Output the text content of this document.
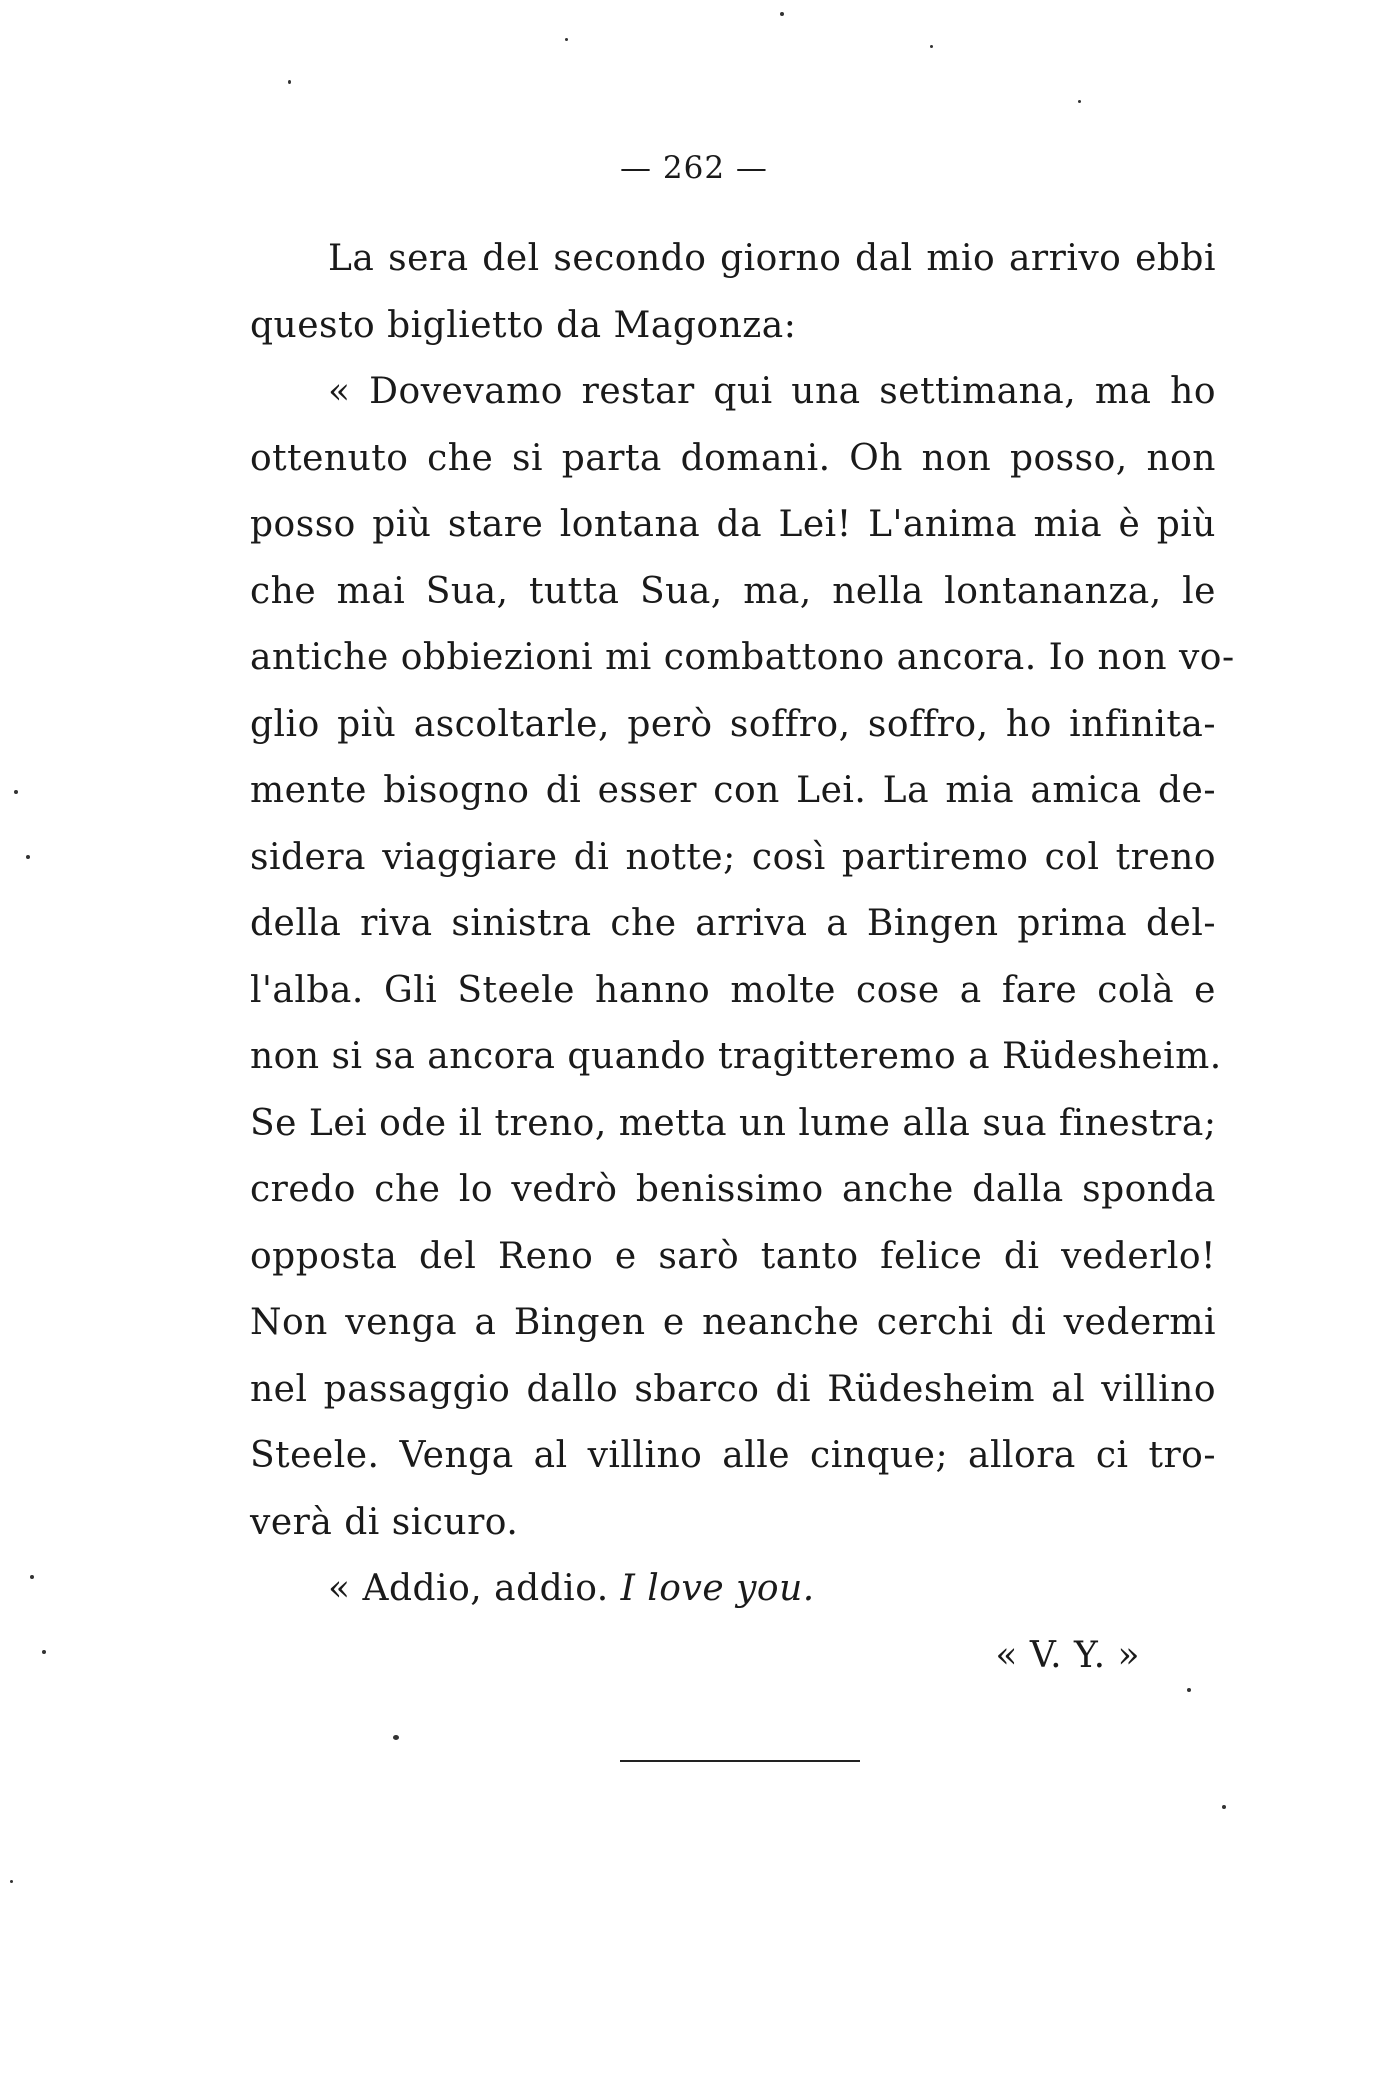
— 262 —
La sera del secondo giorno dal mio arrivo ebbi
questo biglietto da Magonza:
« Dovevamo restar qui una settimana, ma ho
ottenuto che si parta domani. Oh non posso, non
posso più stare lontana da Lei! L'anima mia è più
che mai Sua, tutta Sua, ma, nella lontananza, le
antiche obbiezioni mi combattono ancora. Io non vo-
glio più ascoltarle, però soffro, soffro, ho infinita-
mente bisogno di esser con Lei. La mia amica de-
sidera viaggiare di notte; così partiremo col treno
della riva sinistra che arriva a Bingen prima del-
l'alba. Gli Steele hanno molte cose a fare colà e
non si sa ancora quando tragitteremo a Rüdesheim.
Se Lei ode il treno, metta un lume alla sua finestra;
credo che lo vedrò benissimo anche dalla sponda
opposta del Reno e sarò tanto felice di vederlo!
Non venga a Bingen e neanche cerchi di vedermi
nel passaggio dallo sbarco di Rüdesheim al villino
Steele. Venga al villino alle cinque; allora ci tro-
verà di sicuro.
« Addio, addio. I love you.
« V. Y. »
